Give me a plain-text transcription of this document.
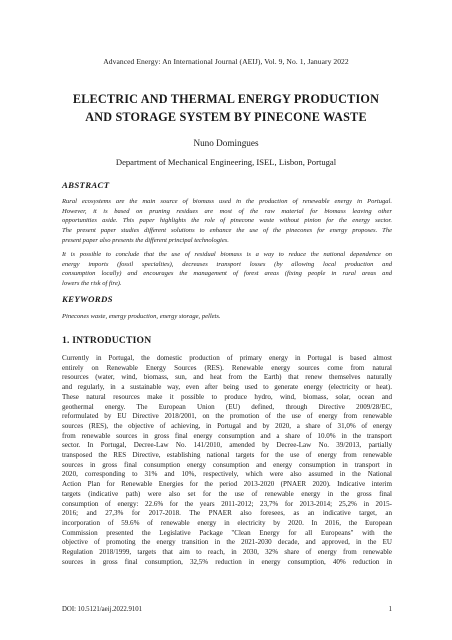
Advanced Energy: An International Journal (AEIJ), Vol. 9, No. 1, January 2022
ELECTRIC AND THERMAL ENERGY PRODUCTION
AND STORAGE SYSTEM BY PINECONE WASTE
Nuno Domingues
Department of Mechanical Engineering, ISEL, Lisbon, Portugal
ABSTRACT
Rural ecosystems are the main source of biomass used in the production of renewable energy in Portugal.
However, it is based on pruning residues are most of the raw material for biomass leaving other
opportunities aside. This paper highlights the role of pinecone waste without pinion for the energy sector.
The present paper studies different solutions to enhance the use of the pinecones for energy proposes. The
present paper also presents the different principal technologies.
It is possible to conclude that the use of residual biomass is a way to reduce the national dependence on
energy imports (fossil specialties), decreases transport losses (by allowing local production and
consumption locally) and encourages the management of forest areas (fixing people in rural areas and
lowers the risk of fire).
KEYWORDS
Pinecones waste, energy production, energy storage, pellets.
1. INTRODUCTION
Currently in Portugal, the domestic production of primary energy in Portugal is based almost
entirely on Renewable Energy Sources (RES). Renewable energy sources come from natural
resources (water, wind, biomass, sun, and heat from the Earth) that renew themselves naturally
and regularly, in a sustainable way, even after being used to generate energy (electricity or heat).
These natural resources make it possible to produce hydro, wind, biomass, solar, ocean and
geothermal energy. The European Union (EU) defined, through Directive 2009/28/EC,
reformulated by EU Directive 2018/2001, on the promotion of the use of energy from renewable
sources (RES), the objective of achieving, in Portugal and by 2020, a share of 31,0% of energy
from renewable sources in gross final energy consumption and a share of 10.0% in the transport
sector. In Portugal, Decree-Law No. 141/2010, amended by Decree-Law No. 39/2013, partially
transposed the RES Directive, establishing national targets for the use of energy from renewable
sources in gross final consumption energy consumption and energy consumption in transport in
2020, corresponding to 31% and 10%, respectively, which were also assumed in the National
Action Plan for Renewable Energies for the period 2013-2020 (PNAER 2020). Indicative interim
targets (indicative path) were also set for the use of renewable energy in the gross final
consumption of energy: 22.6% for the years 2011-2012; 23,7% for 2013-2014; 25,2% in 2015-
2016; and 27,3% for 2017-2018. The PNAER also foresees, as an indicative target, an
incorporation of 59.6% of renewable energy in electricity by 2020. In 2016, the European
Commission presented the Legislative Package "Clean Energy for all Europeans" with the
objective of promoting the energy transition in the 2021-2030 decade, and approved, in the EU
Regulation 2018/1999, targets that aim to reach, in 2030, 32% share of energy from renewable
sources in gross final consumption, 32,5% reduction in energy consumption, 40% reduction in
DOI: 10.5121/aeij.2022.9101	1
